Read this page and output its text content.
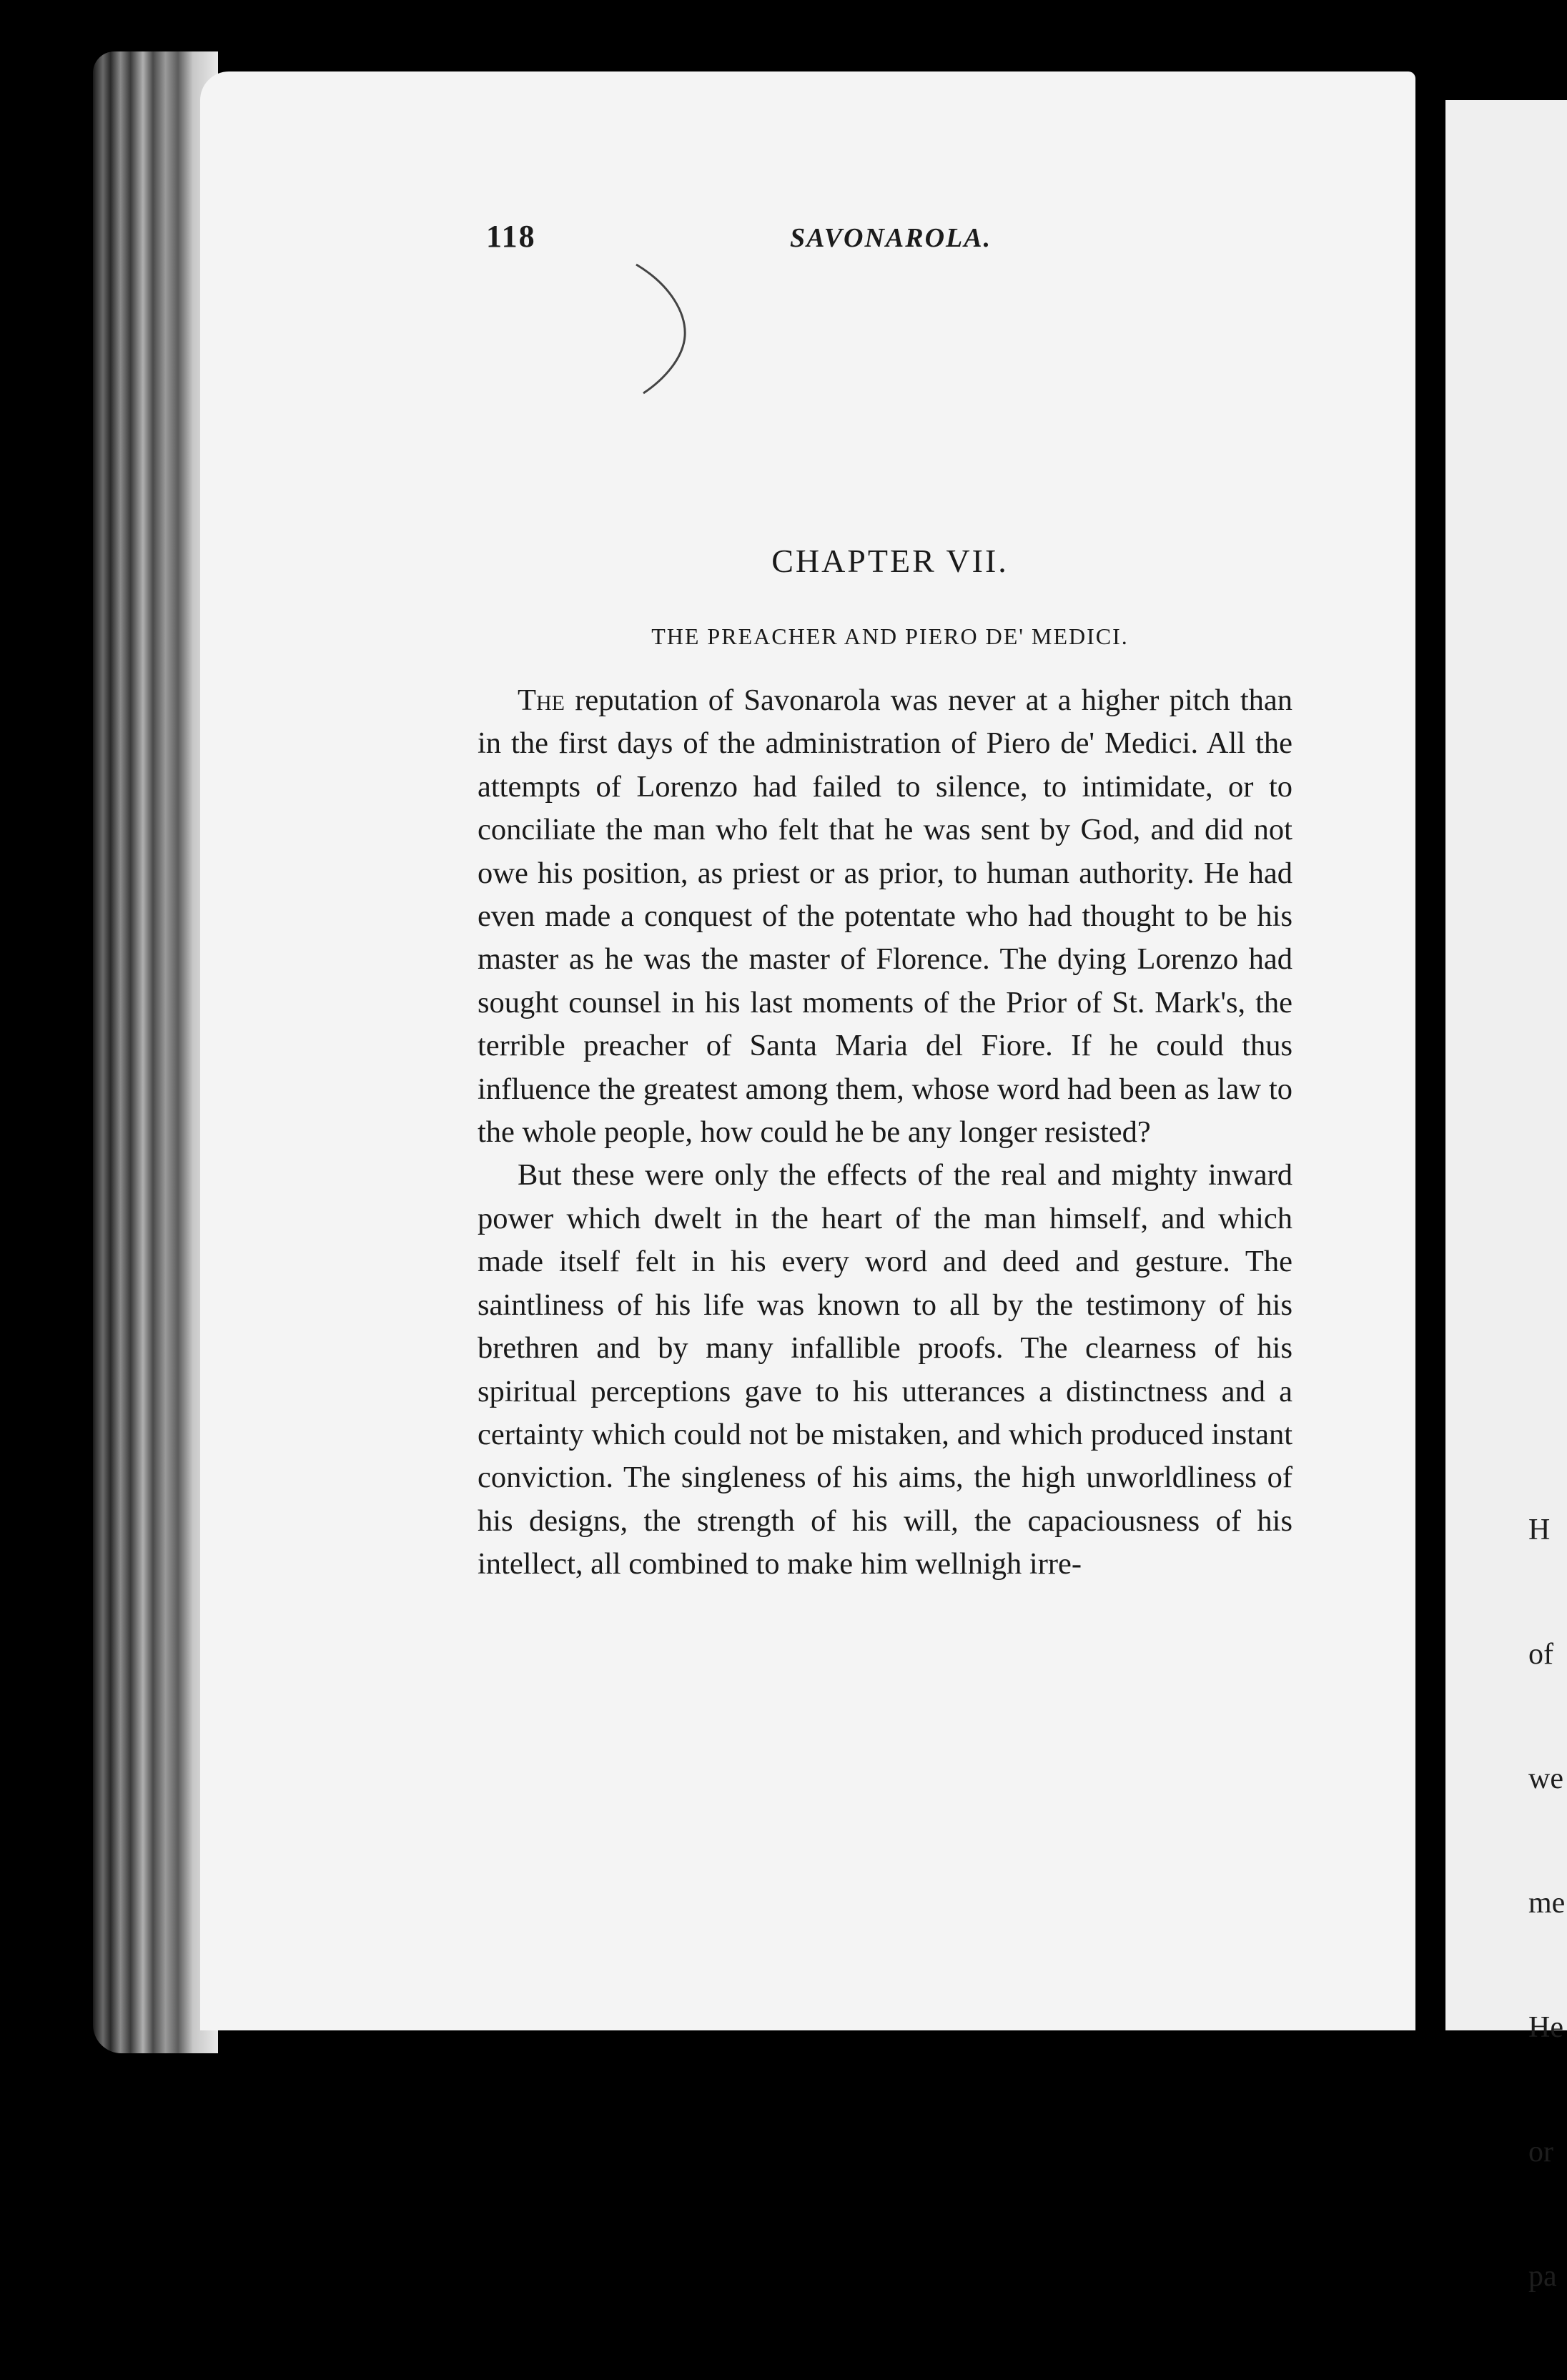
H

of

we

me

He

or

pa

118	SAVONAROLA.
CHAPTER VII.
THE PREACHER AND PIERO DE' MEDICI.

The reputation of Savonarola was never at a higher pitch than in the first days of the administration of Piero de' Medici. All the attempts of Lorenzo had failed to silence, to intimidate, or to conciliate the man who felt that he was sent by God, and did not owe his position, as priest or as prior, to human authority. He had even made a conquest of the potentate who had thought to be his master as he was the master of Florence. The dying Lorenzo had sought counsel in his last moments of the Prior of St. Mark's, the terrible preacher of Santa Maria del Fiore. If he could thus influence the greatest among them, whose word had been as law to the whole people, how could he be any longer resisted?

But these were only the effects of the real and mighty inward power which dwelt in the heart of the man himself, and which made itself felt in his every word and deed and gesture. The saintliness of his life was known to all by the testimony of his brethren and by many infallible proofs. The clearness of his spiritual perceptions gave to his utterances a distinctness and a certainty which could not be mistaken, and which produced instant conviction. The singleness of his aims, the high unworldliness of his designs, the strength of his will, the capaciousness of his intellect, all combined to make him wellnigh irre-
